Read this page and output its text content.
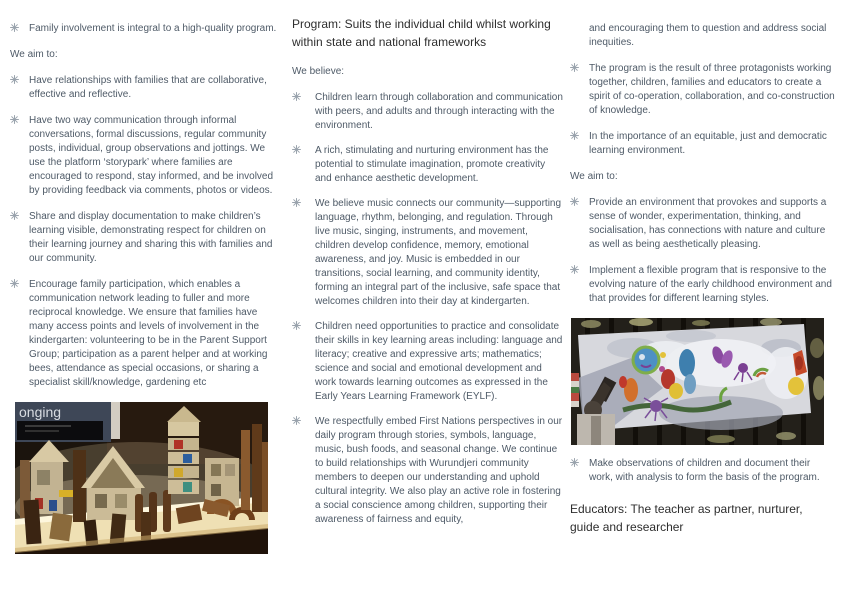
Family involvement is integral to a high-quality program.

We aim to:

Have relationships with families that are collaborative, effective and reflective.

Have two way communication through informal conversations, formal discussions, regular community posts, individual, group observations and jottings. We use the platform ‘storypark’ where families are encouraged to respond, stay informed, and be involved by providing feedback via comments, photos or videos.

Share and display documentation to make children’s learning visible, demonstrating respect for children on their learning journey and sharing this with families and our community.

Encourage family participation, which enables a communication network leading to fuller and more reciprocal knowledge. We ensure that families have many access points and levels of involvement in the kindergarten: volunteering to be in the Parent Support Group; participation as a parent helper and at working bees, attendance as special occasions, or sharing a specialist skill/knowledge, gardening etc

onging
Program: Suits the individual child whilst working within state and national frameworks

We believe:

Children learn through collaboration and communication with peers, and adults and through interacting with the environment.

A rich, stimulating and nurturing environment has the potential to stimulate imagination, promote creativity and enhance aesthetic development.

We believe music connects our community—supporting language, rhythm, belonging, and regulation. Through live music, singing, instruments, and movement, children develop confidence, memory, emotional awareness, and joy. Music is embedded in our transitions, social learning, and community identity, forming an integral part of the inclusive, safe space that welcomes children into their day at kindergarten.

Children need opportunities to practice and consolidate their skills in key learning areas including: language and literacy; creative and expressive arts; mathematics; science and social and emotional development and work towards learning outcomes as expressed in the Early Years Learning Framework (EYLF).

We respectfully embed First Nations perspectives in our daily program through stories, symbols, language, music, bush foods, and seasonal change. We continue to build relationships with Wurundjeri community members to deepen our understanding and uphold cultural integrity. We also play an active role in fostering a social conscience among children, supporting their awareness of fairness and equity,

and encouraging them to question and address social inequities.

The program is the result of three protagonists working together, children, families and educators to create a spirit of co-operation, collaboration, and co-construction of knowledge.

In the importance of an equitable, just and democratic learning environment.

We aim to:

Provide an environment that provokes and supports a sense of wonder, experimentation, thinking, and socialisation, has connections with nature and culture as well as being aesthetically pleasing.

Implement a flexible program that is responsive to the evolving nature of the early childhood environment and that provides for different learning styles.

Make observations of children and document their work, with analysis to form the basis of the program.

Educators: The teacher as partner, nurturer, guide and researcher
